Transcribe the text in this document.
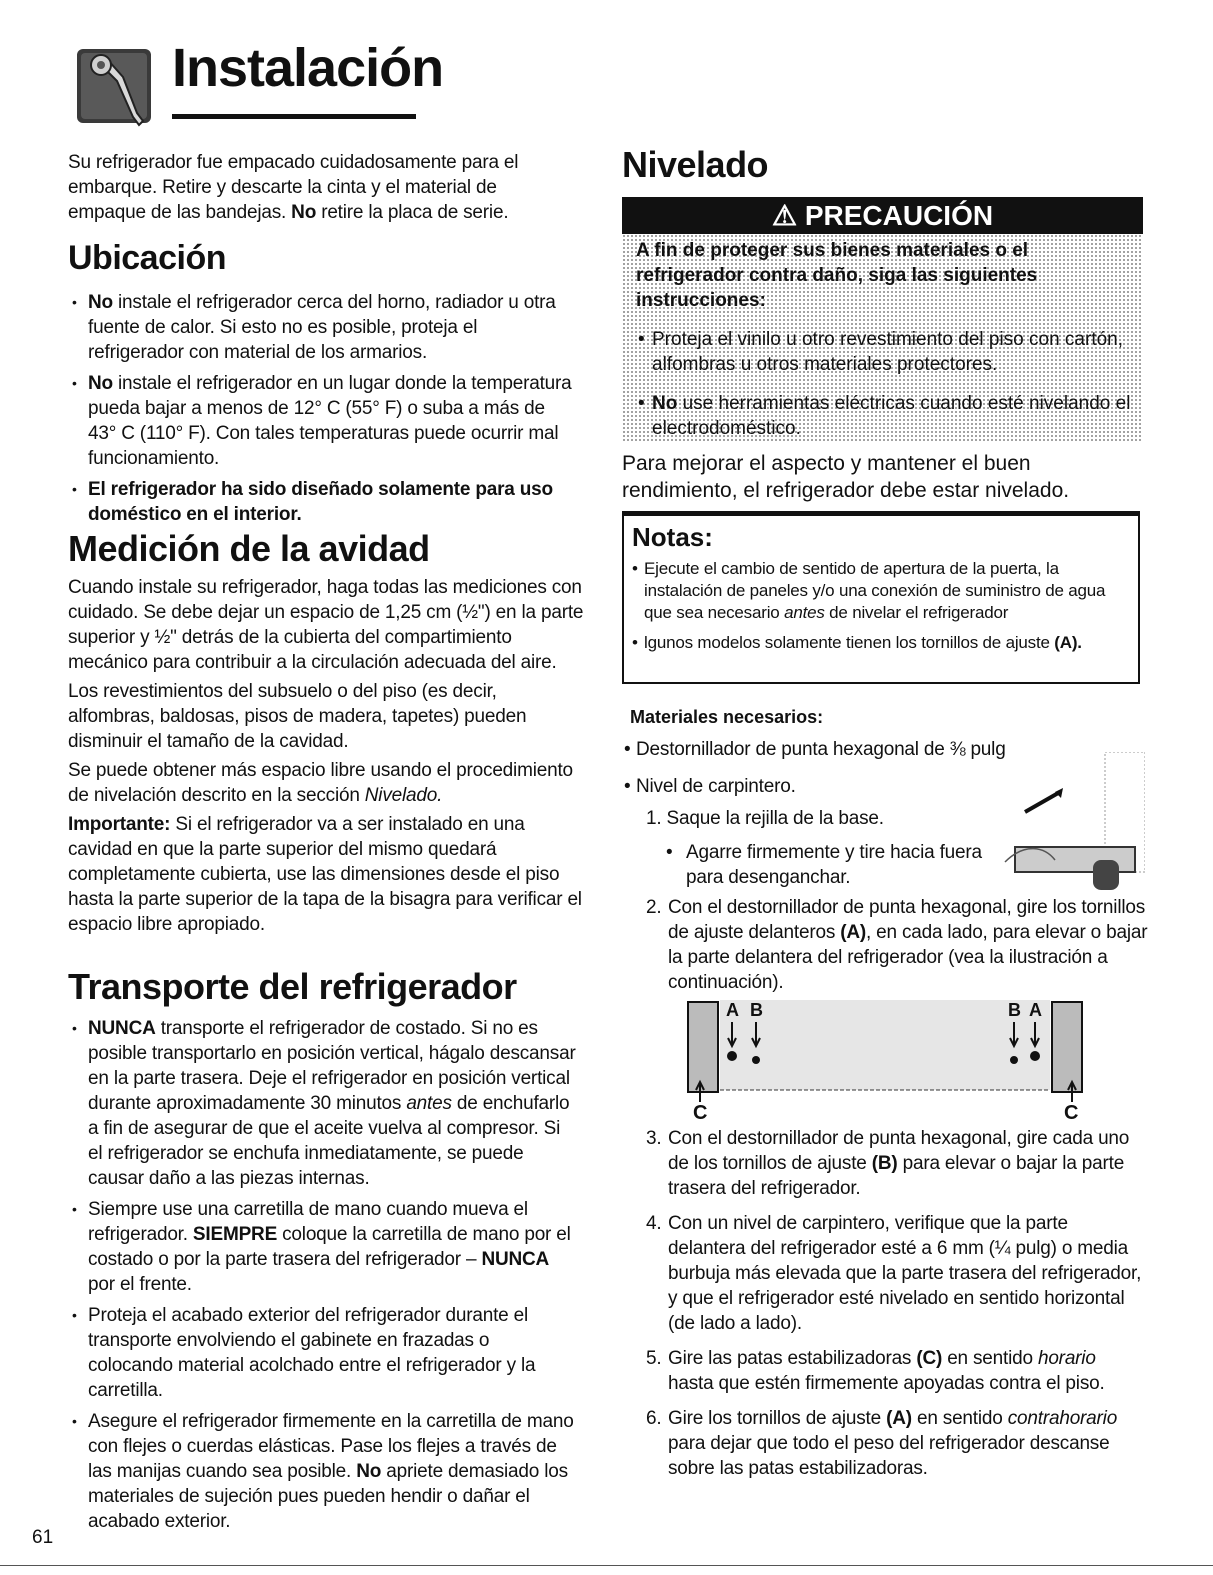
Instalación
Su refrigerador fue empacado cuidadosamente para el embarque. Retire y descarte la cinta y el material de empaque de las bandejas. No retire la placa de serie.
Ubicación
• No instale el refrigerador cerca del horno, radiador u otra fuente de calor. Si esto no es posible, proteja el refrigerador con material de los armarios.
• No instale el refrigerador en un lugar donde la temperatura pueda bajar a menos de 12° C (55° F) o suba a más de 43° C (110° F). Con tales temperaturas puede ocurrir mal funcionamiento.
• El refrigerador ha sido diseñado solamente para uso doméstico en el interior.
Medición de la avidad

Cuando instale su refrigerador, haga todas las mediciones con cuidado. Se debe dejar un espacio de 1,25 cm (½") en la parte superior y ½" detrás de la cubierta del compartimiento mecánico para contribuir a la circulación adecuada del aire.

Los revestimientos del subsuelo o del piso (es decir, alfombras, baldosas, pisos de madera, tapetes) pueden disminuir el tamaño de la cavidad.

Se puede obtener más espacio libre usando el procedimiento de nivelación descrito en la sección Nivelado.

Importante: Si el refrigerador va a ser instalado en una cavidad en que la parte superior del mismo quedará completamente cubierta, use las dimensiones desde el piso hasta la parte superior de la tapa de la bisagra para verificar el espacio libre apropiado.

Transporte del refrigerador
• NUNCA transporte el refrigerador de costado. Si no es posible transportarlo en posición vertical, hágalo descansar en la parte trasera. Deje el refrigerador en posición vertical durante aproximadamente 30 minutos antes de enchufarlo a fin de asegurar de que el aceite vuelva al compresor. Si el refrigerador se enchufa inmediatamente, se puede causar daño a las piezas internas.
• Siempre use una carretilla de mano cuando mueva el refrigerador. SIEMPRE coloque la carretilla de mano por el costado o por la parte trasera del refrigerador – NUNCA por el frente.
• Proteja el acabado exterior del refrigerador durante el transporte envolviendo el gabinete en frazadas o colocando material acolchado entre el refrigerador y la carretilla.
• Asegure el refrigerador firmemente en la carretilla de mano con flejes o cuerdas elásticas. Pase los flejes a través de las manijas cuando sea posible. No apriete demasiado los materiales de sujeción pues pueden hendir o dañar el acabado exterior.
61
Nivelado
⚠ PRECAUCIÓN

A fin de proteger sus bienes materiales o el refrigerador contra daño, siga las siguientes instrucciones:

• Proteja el vinilo u otro revestimiento del piso con cartón, alfombras u otros materiales protectores.

• No use herramientas eléctricas cuando esté nivelando el electrodoméstico.

Para mejorar el aspecto y mantener el buen rendimiento, el refrigerador debe estar nivelado.

Notas:

• Ejecute el cambio de sentido de apertura de la puerta, la instalación de paneles y/o una conexión de suministro de agua que sea necesario antes de nivelar el refrigerador

• lgunos modelos solamente tienen los tornillos de ajuste (A).

Materiales necesarios:

• Destornillador de punta hexagonal de ⅜ pulg

• Nivel de carpintero.

1. Saque la rejilla de la base.
• Agarre firmemente y tire hacia fuera para desenganchar.
2. Con el destornillador de punta hexagonal, gire los tornillos de ajuste delanteros (A), en cada lado, para elevar o bajar la parte delantera del refrigerador (vea la ilustración a continuación).
A B	B A
C	C

3. Con el destornillador de punta hexagonal, gire cada uno de los tornillos de ajuste (B) para elevar o bajar la parte trasera del refrigerador.

4. Con un nivel de carpintero, verifique que la parte delantera del refrigerador esté a 6 mm (¼ pulg) o media burbuja más elevada que la parte trasera del refrigerador, y que el refrigerador esté nivelado en sentido horizontal (de lado a lado).

5. Gire las patas estabilizadoras (C) en sentido horario hasta que estén firmemente apoyadas contra el piso.

6. Gire los tornillos de ajuste (A) en sentido contrahorario para dejar que todo el peso del refrigerador descanse sobre las patas estabilizadoras.
